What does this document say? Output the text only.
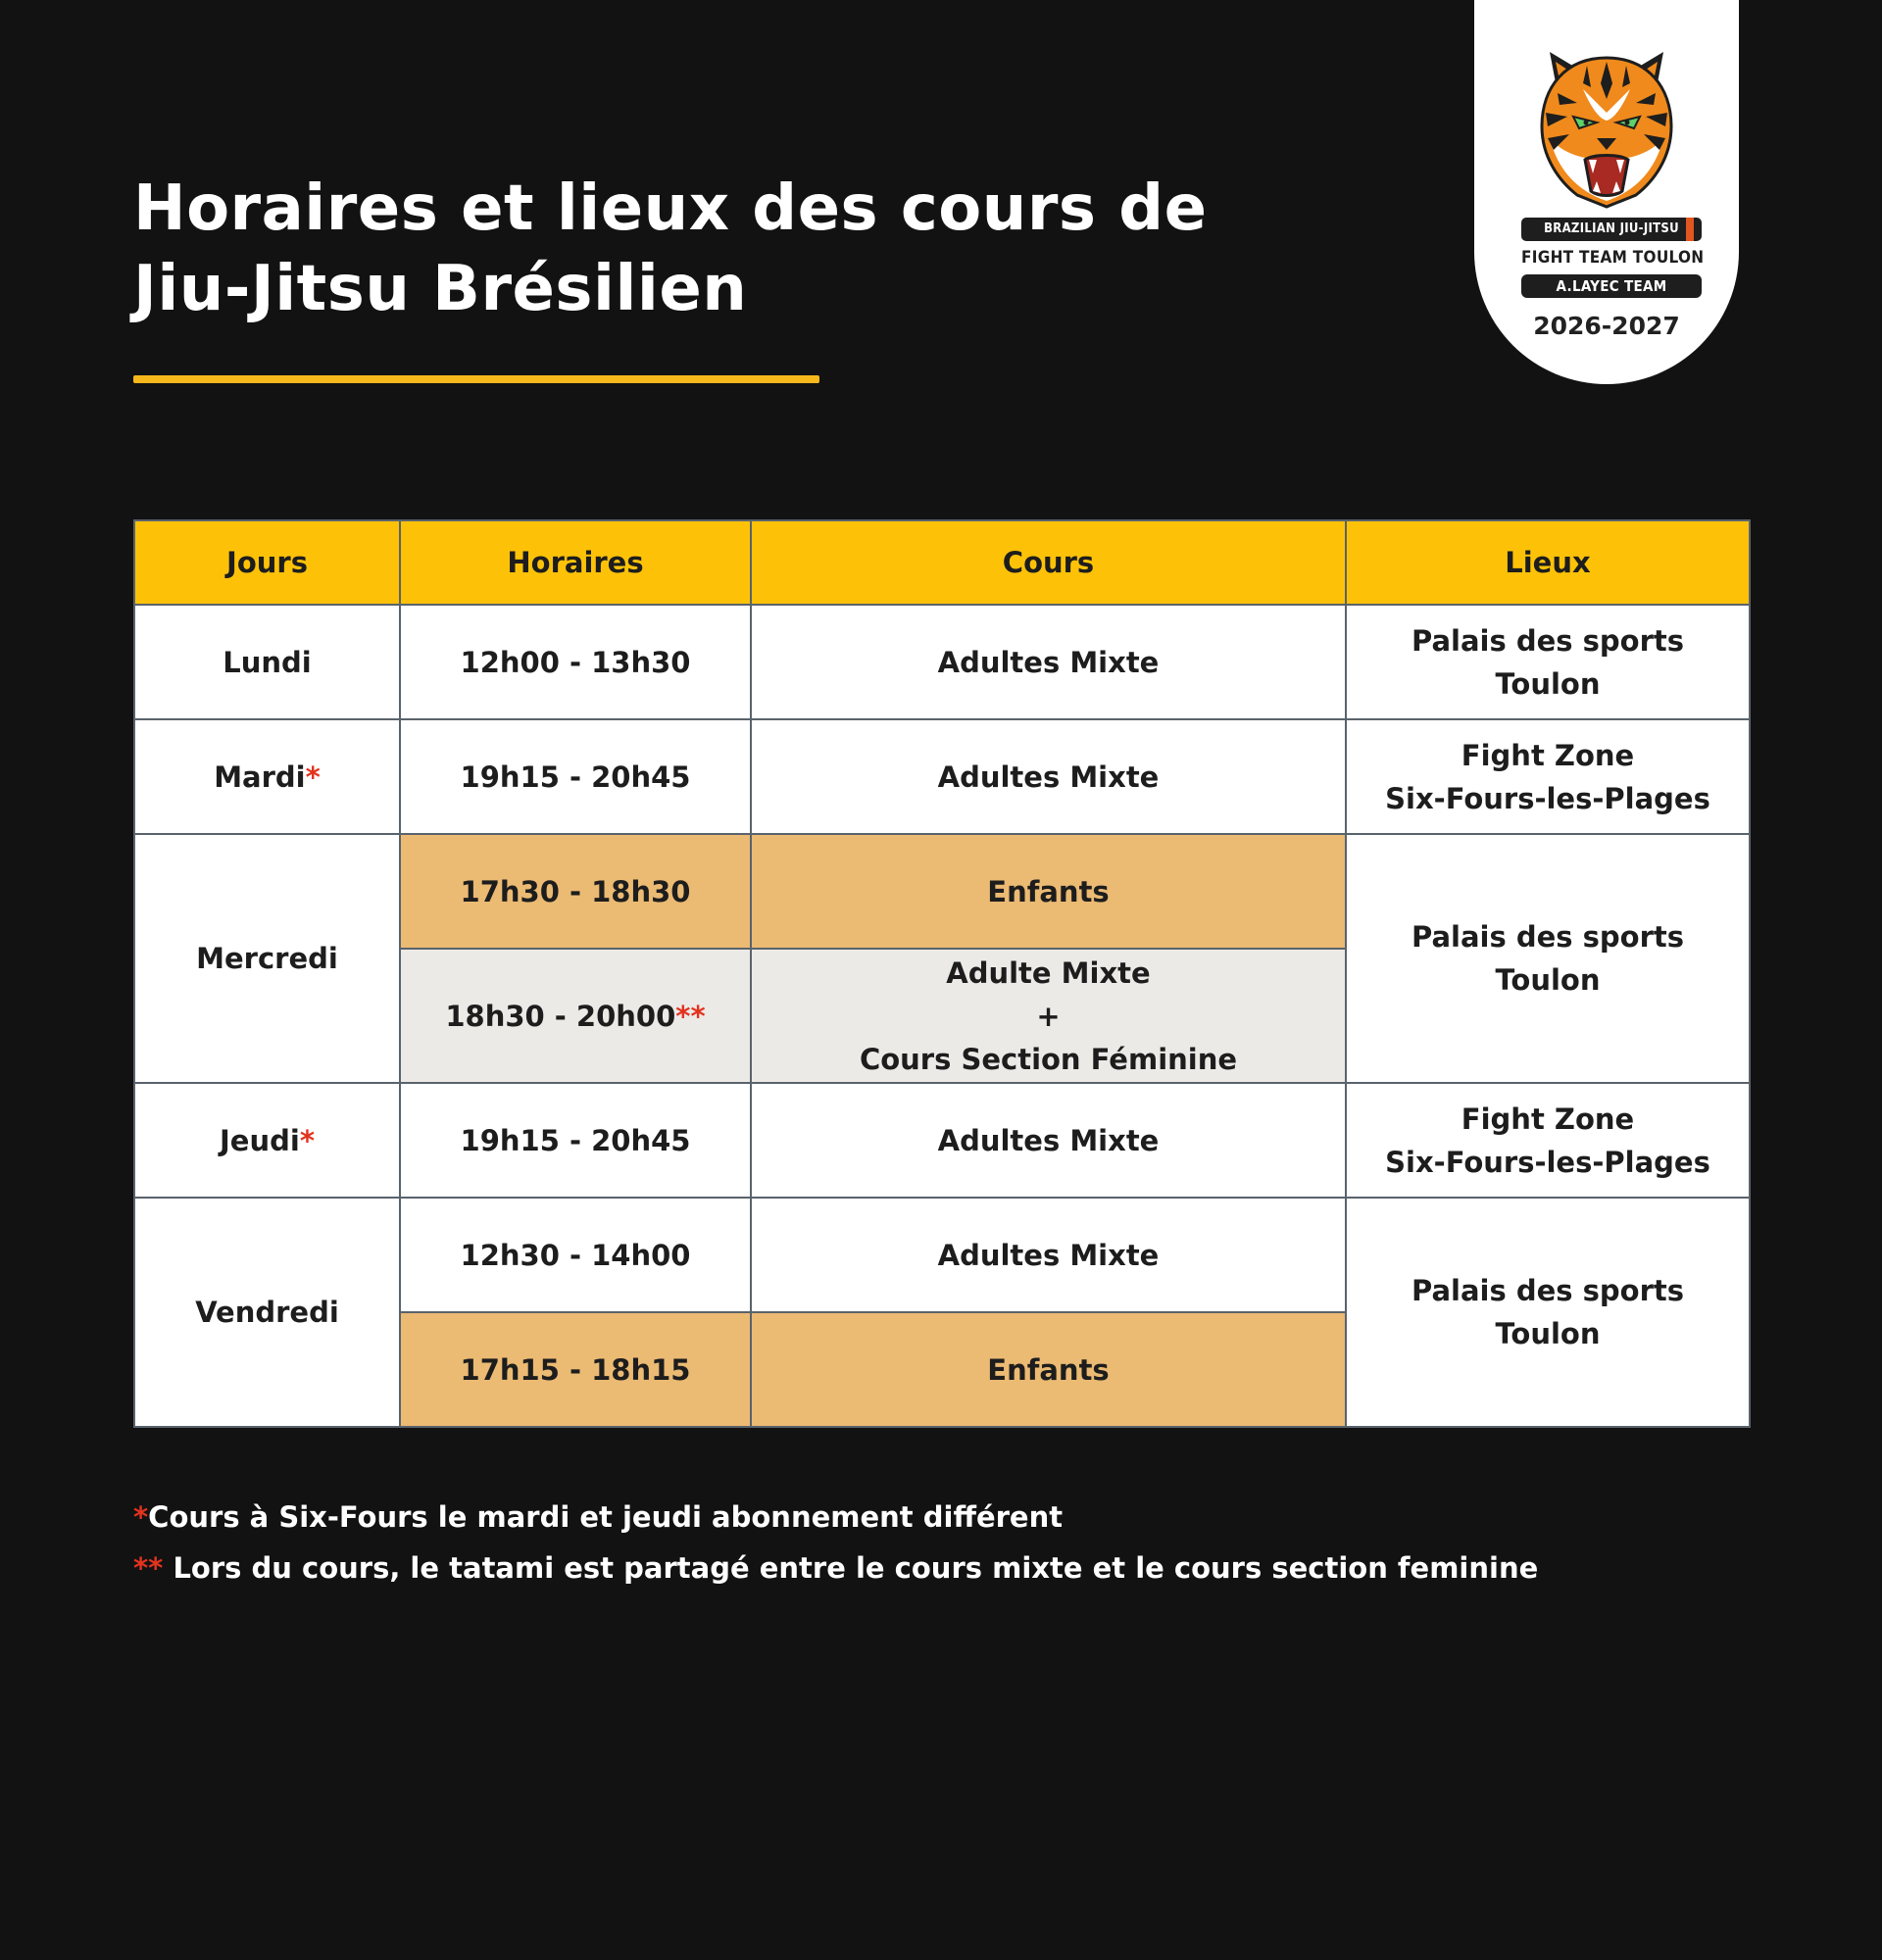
Horaires et lieux des cours de
Jiu-Jitsu Brésilien
BRAZILIAN JIU-JITSU
FIGHT TEAM TOULON
A.LAYEC TEAM
2026-2027
Jours	Horaires	Cours	Lieux
Lundi	12h00 - 13h30	Adultes Mixte	Palais des sports
Toulon
Mardi*	19h15 - 20h45	Adultes Mixte	Fight Zone
Six-Fours-les-Plages
Mercredi	17h30 - 18h30	Enfants	Palais des sports
Toulon
	18h30 - 20h00**	Adulte Mixte
+
Cours Section Féminine	
Jeudi*	19h15 - 20h45	Adultes Mixte	Fight Zone
Six-Fours-les-Plages
Vendredi	12h30 - 14h00	Adultes Mixte	Palais des sports
Toulon
	17h15 - 18h15	Enfants	

*Cours à Six-Fours le mardi et jeudi abonnement différent

** Lors du cours, le tatami est partagé entre le cours mixte et le cours section feminine
